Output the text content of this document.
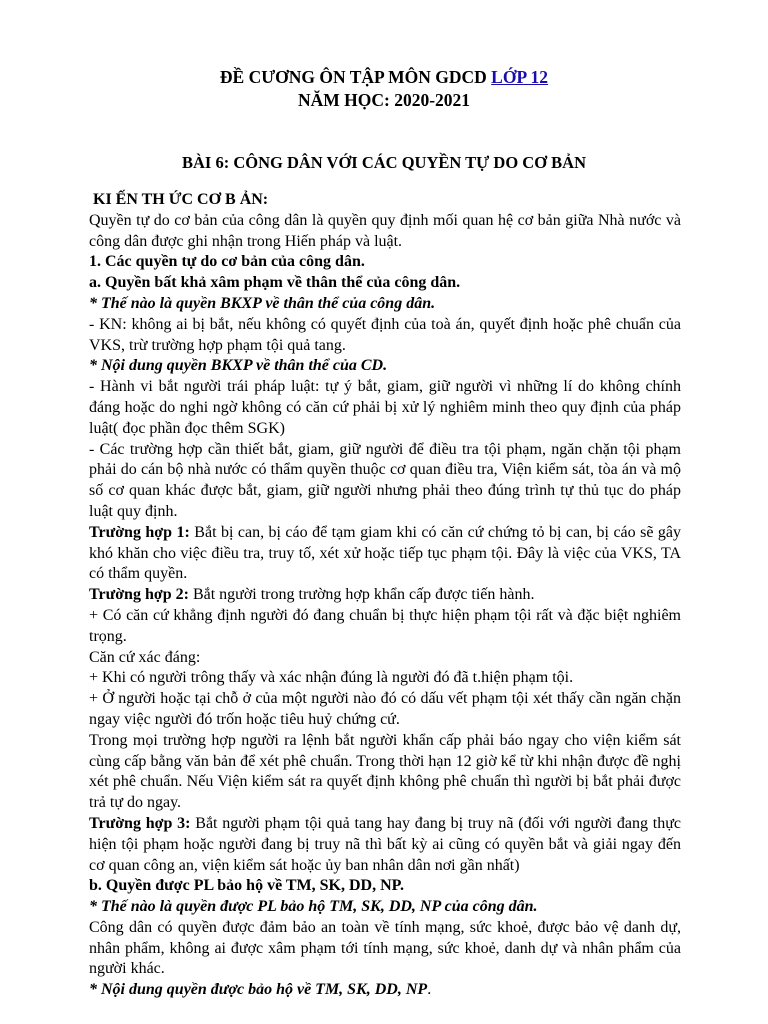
ĐỀ CƯƠNG ÔN TẬP MÔN GDCD LỚP 12
NĂM HỌC: 2020-2021
BÀI 6: CÔNG DÂN VỚI CÁC QUYỀN TỰ DO CƠ BẢN

KI ẾN TH ỨC CƠ B ẢN:

Quyền tự do cơ bản của công dân là quyền quy định mối quan hệ cơ bản giữa Nhà nước và công dân được ghi nhận trong Hiến pháp và luật.

1. Các quyền tự do cơ bản của công dân.

a. Quyền bất khả xâm phạm về thân thể của công dân.

* Thế nào là quyền BKXP về thân thể của công dân.

- KN: không ai bị bắt, nếu không có quyết định của toà án, quyết định hoặc phê chuẩn của VKS, trừ trường hợp phạm tội quả tang.

* Nội dung quyền BKXP về thân thể của CD.

- Hành vi bắt người trái pháp luật: tự ý bắt, giam, giữ người vì những lí do không chính đáng hoặc do nghi ngờ không có căn cứ phải bị xử lý nghiêm minh theo quy định của pháp luật( đọc phần đọc thêm SGK)

- Các trường hợp cần thiết bắt, giam, giữ người để điều tra tội phạm, ngăn chặn tội phạm phải do cán bộ nhà nước có thẩm quyền thuộc cơ quan điều tra, Viện kiểm sát, tòa án và mộ số cơ quan khác được bắt, giam, giữ người nhưng phải theo đúng trình tự thủ tục do pháp luật quy định.

Trường hợp 1: Bắt bị can, bị cáo để tạm giam khi có căn cứ chứng tỏ bị can, bị cáo sẽ gây khó khăn cho việc điều tra, truy tố, xét xử hoặc tiếp tục phạm tội. Đây là việc của VKS, TA có thẩm quyền.

Trường hợp 2: Bắt người trong trường hợp khẩn cấp được tiến hành.

+ Có căn cứ khẳng định người đó đang chuẩn bị thực hiện phạm tội rất và đặc biệt nghiêm trọng.

Căn cứ xác đáng:

+ Khi có người trông thấy và xác nhận đúng là người đó đã t.hiện phạm tội.

+ Ở người hoặc tại chỗ ở của một người nào đó có dấu vết phạm tội xét thấy cần ngăn chặn ngay việc người đó trốn hoặc tiêu huỷ chứng cứ.

Trong mọi trường hợp người ra lệnh bắt người khẩn cấp phải báo ngay cho viện kiểm sát cùng cấp bằng văn bản để xét phê chuẩn. Trong thời hạn 12 giờ kể từ khi nhận được đề nghị xét phê chuẩn. Nếu Viện kiểm sát ra quyết định không phê chuẩn thì người bị bắt phải được trả tự do ngay.

Trường hợp 3: Bắt người phạm tội quả tang hay đang bị truy nã (đối với người đang thực hiện tội phạm hoặc người đang bị truy nã thì bất kỳ ai cũng có quyền bắt và giải ngay đến cơ quan công an, viện kiểm sát hoặc ủy ban nhân dân nơi gần nhất)

b. Quyền được PL bảo hộ về TM, SK, DD, NP.

* Thế nào là quyền được PL bảo hộ TM, SK, DD, NP của công dân.

Công dân có quyền được đảm bảo an toàn về tính mạng, sức khoẻ, được bảo vệ danh dự, nhân phẩm, không ai được xâm phạm tới tính mạng, sức khoẻ, danh dự và nhân phẩm của người khác.

* Nội dung quyền được bảo hộ về TM, SK, DD, NP.
